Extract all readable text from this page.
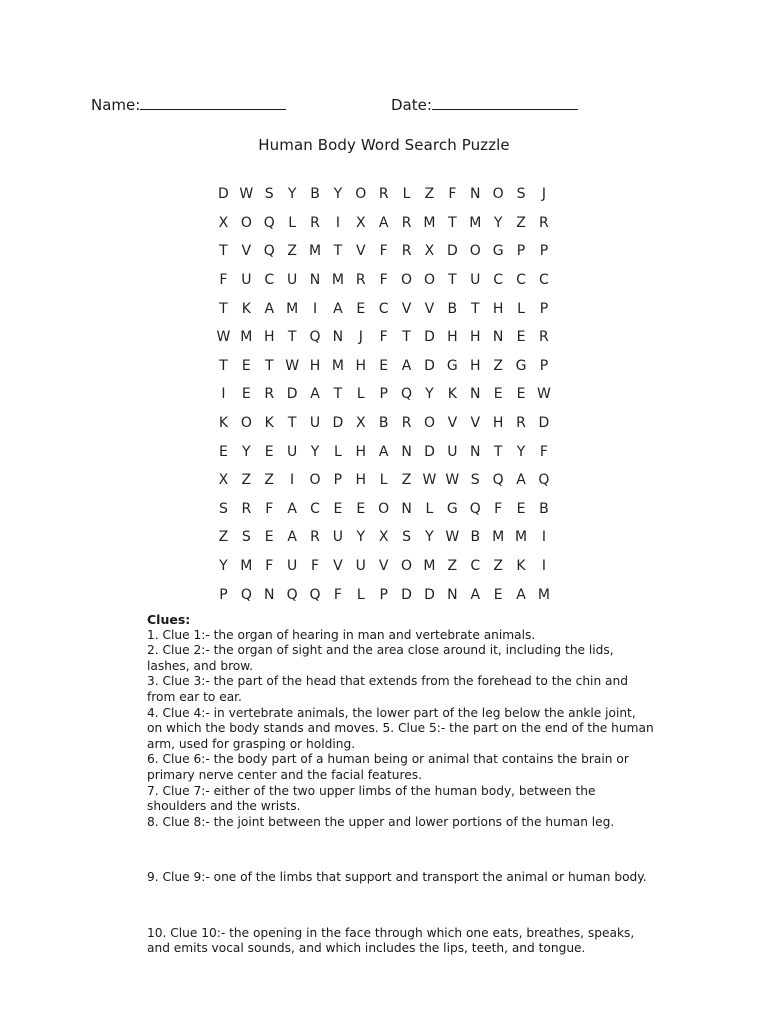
Name:	Date:
Human Body Word Search Puzzle
D W S	Y B Y O R	L	Z	F N O S	J
X O Q L	R	I	X A R M T M Y Z R
T V Q Z M T V	F	R X D O G P	P
F U C U N M R F O O T U C C C
T	K A M	I	A E C V V B T H L	P
W M H T Q N	J	F	T D H H N E R
T	E	T W H M H E A D G H Z G P
I	E R D A T	L	P Q Y	K N E	E W
K O K	T U D X B R O V V H R D
E	Y	E U Y	L H A N D U N T	Y	F
X Z Z	I	O P H L	Z W W S Q A Q
S R F	A C E	E O N L G Q F	E B
Z S	E A R U Y X S	Y W B M M	I
Y M F U F	V U V O M Z C Z K	I
P Q N Q Q F	L	P D D N A E A M

Clues:

1. Clue 1:- the organ of hearing in man and vertebrate animals.

2. Clue 2:- the organ of sight and the area close around it, including the lids,

lashes, and brow.

3. Clue 3:- the part of the head that extends from the forehead to the chin and

from ear to ear.

4. Clue 4:- in vertebrate animals, the lower part of the leg below the ankle joint,

on which the body stands and moves. 5. Clue 5:- the part on the end of the human

arm, used for grasping or holding.

6. Clue 6:- the body part of a human being or animal that contains the brain or

primary nerve center and the facial features.

7. Clue 7:- either of the two upper limbs of the human body, between the

shoulders and the wrists.

8. Clue 8:- the joint between the upper and lower portions of the human leg.

9. Clue 9:- one of the limbs that support and transport the animal or human body.

10. Clue 10:- the opening in the face through which one eats, breathes, speaks,

and emits vocal sounds, and which includes the lips, teeth, and tongue.
